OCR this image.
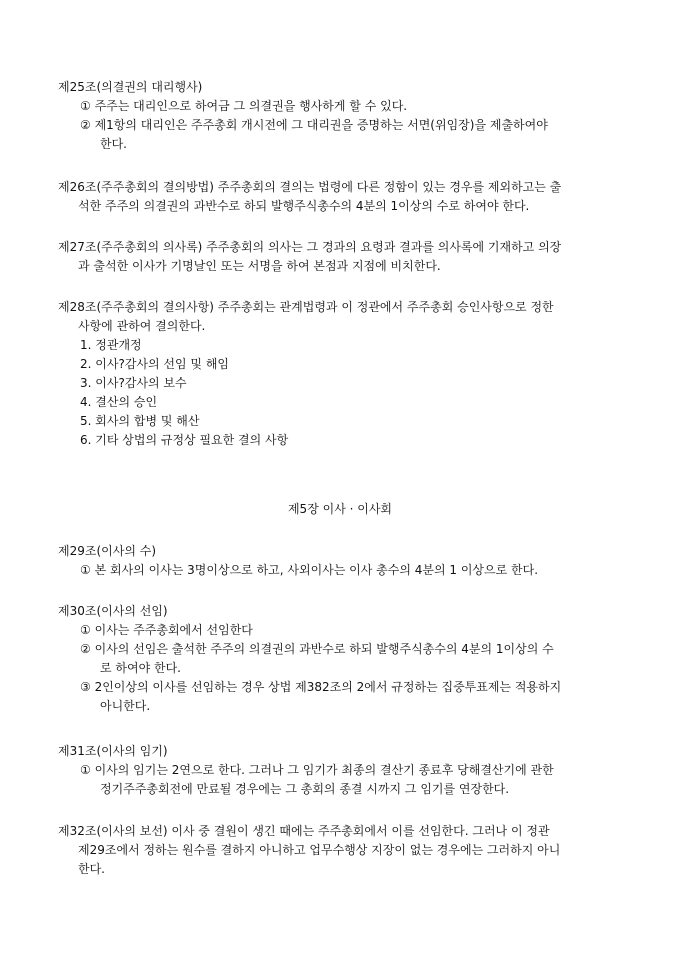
제25조(의결권의 대리행사)
① 주주는 대리인으로 하여금 그 의결권을 행사하게 할 수 있다.
② 제1항의 대리인은 주주총회 개시전에 그 대리권을 증명하는 서면(위임장)을 제출하여야
한다.
제26조(주주총회의 결의방법) 주주총회의 결의는 법령에 다른 정함이 있는 경우를 제외하고는 출
석한 주주의 의결권의 과반수로 하되 발행주식총수의 4분의 1이상의 수로 하여야 한다.
제27조(주주총회의 의사록) 주주총회의 의사는 그 경과의 요령과 결과를 의사록에 기재하고 의장
과 출석한 이사가 기명날인 또는 서명을 하여 본점과 지점에 비치한다.
제28조(주주총회의 결의사항) 주주총회는 관계법령과 이 정관에서 주주총회 승인사항으로 정한
사항에 관하여 결의한다.
1. 정관개정
2. 이사?감사의 선임 및 해임
3. 이사?감사의 보수
4. 결산의 승인
5. 회사의 합병 및 해산
6. 기타 상법의 규정상 필요한 결의 사항
제5장 이사 · 이사회
제29조(이사의 수)
① 본 회사의 이사는 3명이상으로 하고, 사외이사는 이사 총수의 4분의 1 이상으로 한다.
제30조(이사의 선임)
① 이사는 주주총회에서 선임한다
② 이사의 선임은 출석한 주주의 의결권의 과반수로 하되 발행주식총수의 4분의 1이상의 수
로 하여야 한다.
③ 2인이상의 이사를 선임하는 경우 상법 제382조의 2에서 규정하는 집중투표제는 적용하지
아니한다.
제31조(이사의 임기)
① 이사의 임기는 2연으로 한다. 그러나 그 임기가 최종의 결산기 종료후 당해결산기에 관한
정기주주총회전에 만료될 경우에는 그 총회의 종결 시까지 그 임기를 연장한다.
제32조(이사의 보선) 이사 중 결원이 생긴 때에는 주주총회에서 이를 선임한다. 그러나 이 정관
제29조에서 정하는 원수를 결하지 아니하고 업무수행상 지장이 없는 경우에는 그러하지 아니
한다.
